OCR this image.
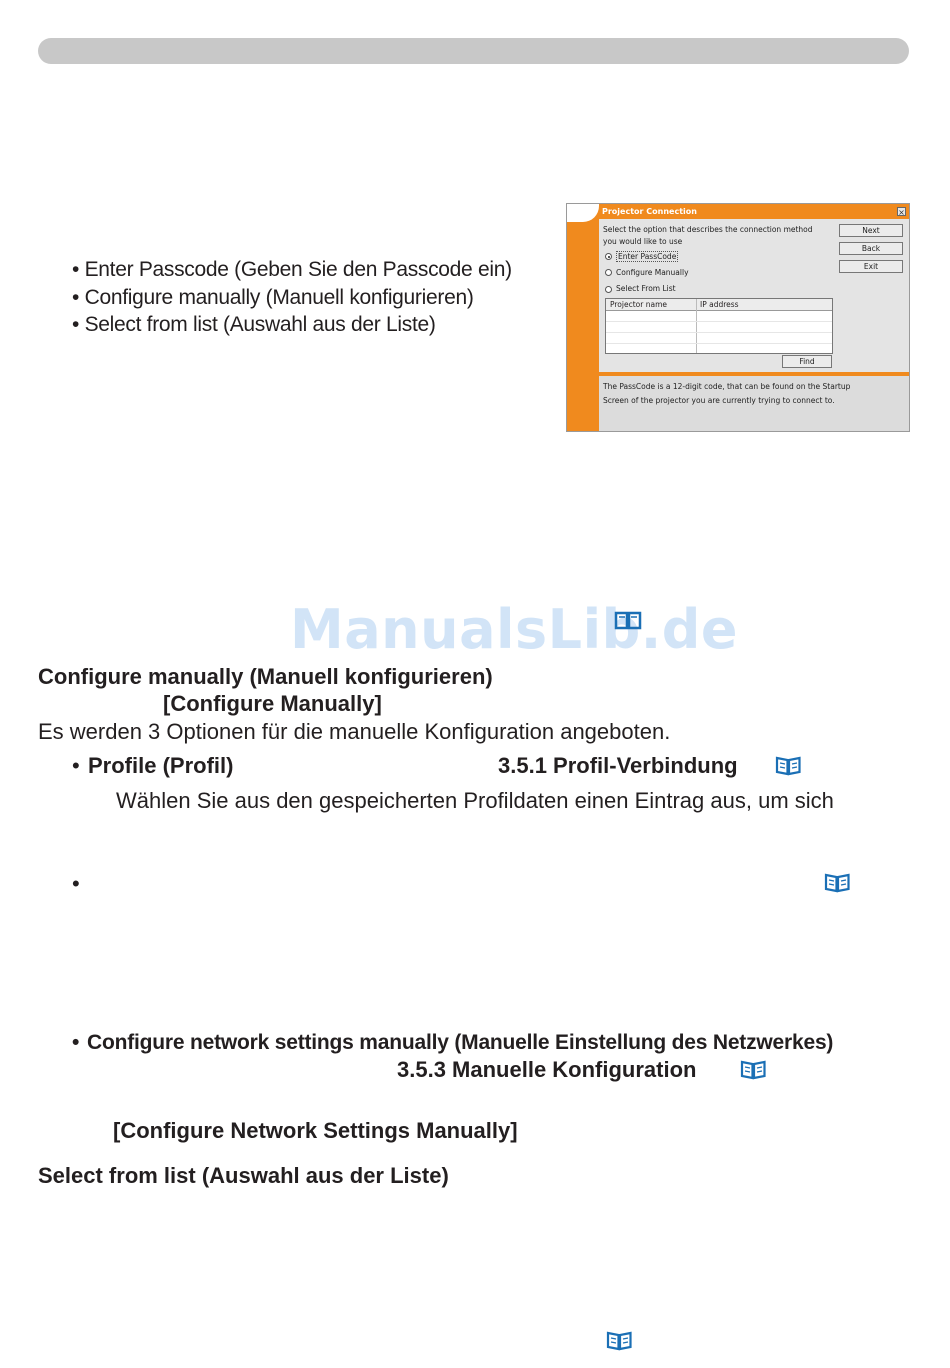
• Enter Passcode (Geben Sie den Passcode ein)
• Configure manually (Manuell konfigurieren)
• Select from list (Auswahl aus der Liste)
Projector Connection	×
Select the option that describes the connection method
you would like to use
Enter PassCode
Configure Manually
Select From List
Next
Back
Exit
Projector name	IP address
Find
The PassCode is a 12-digit code, that can be found on the Startup
Screen of the projector you are currently trying to connect to.
ManualsLib.de
Configure manually (Manuell konfigurieren)
[Configure Manually]
Es werden 3 Optionen für die manuelle Konfiguration angeboten.
• Profile (Profil)	3.5.1 Profil-Verbindung
Wählen Sie aus den gespeicherten Profildaten einen Eintrag aus, um sich
•
• Configure network settings manually (Manuelle Einstellung des Netzwerkes)
3.5.3 Manuelle Konfiguration
[Configure Network Settings Manually]
Select from list (Auswahl aus der Liste)
